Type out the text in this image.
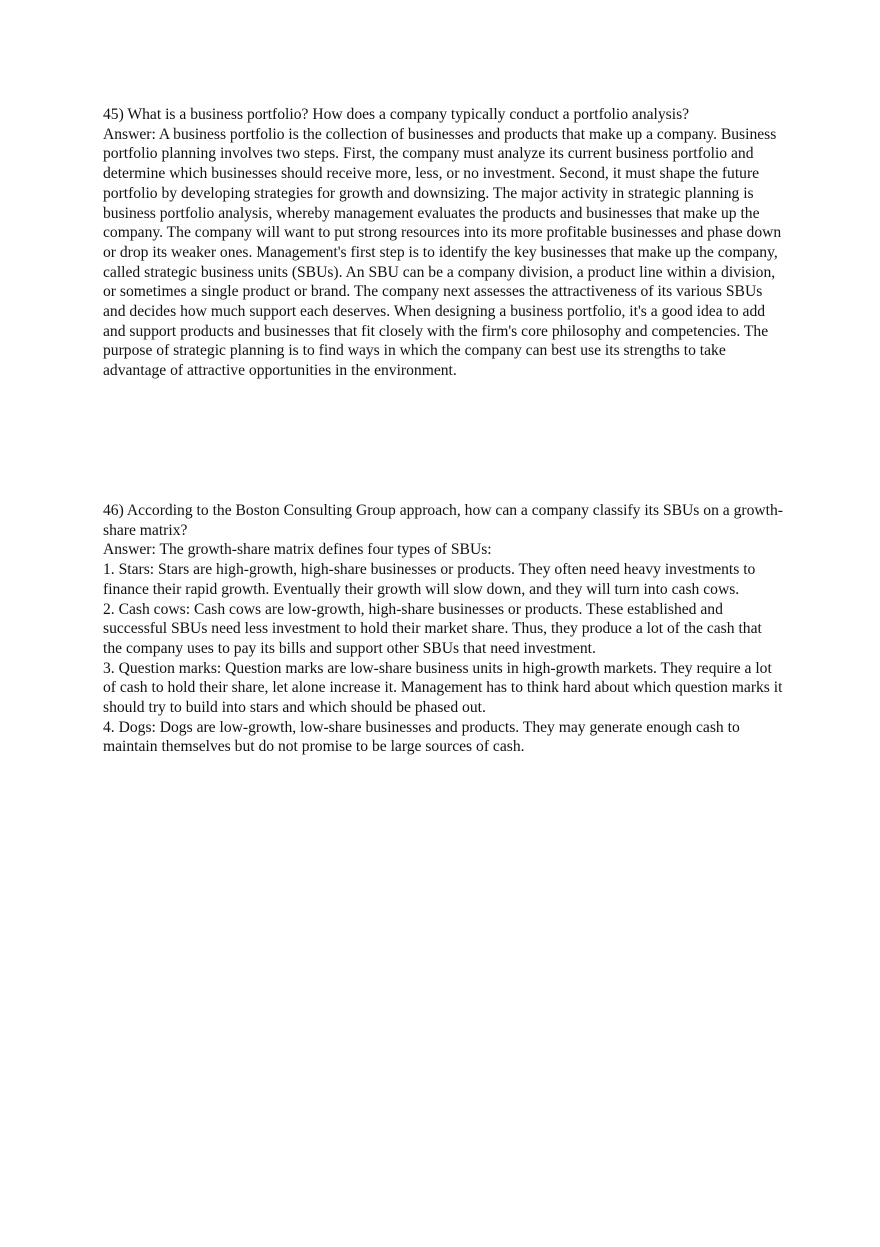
45) What is a business portfolio? How does a company typically conduct a portfolio analysis?

Answer: A business portfolio is the collection of businesses and products that make up a company. Business portfolio planning involves two steps. First, the company must analyze its current business portfolio and determine which businesses should receive more, less, or no investment. Second, it must shape the future portfolio by developing strategies for growth and downsizing. The major activity in strategic planning is business portfolio analysis, whereby management evaluates the products and businesses that make up the company. The company will want to put strong resources into its more profitable businesses and phase down or drop its weaker ones. Management's first step is to identify the key businesses that make up the company, called strategic business units (SBUs). An SBU can be a company division, a product line within a division, or sometimes a single product or brand. The company next assesses the attractiveness of its various SBUs and decides how much support each deserves. When designing a business portfolio, it's a good idea to add and support products and businesses that fit closely with the firm's core philosophy and competencies. The purpose of strategic planning is to find ways in which the company can best use its strengths to take advantage of attractive opportunities in the environment.

46) According to the Boston Consulting Group approach, how can a company classify its SBUs on a growth-share matrix?

Answer: The growth-share matrix defines four types of SBUs:

1. Stars: Stars are high-growth, high-share businesses or products. They often need heavy investments to finance their rapid growth. Eventually their growth will slow down, and they will turn into cash cows.

2. Cash cows: Cash cows are low-growth, high-share businesses or products. These established and successful SBUs need less investment to hold their market share. Thus, they produce a lot of the cash that the company uses to pay its bills and support other SBUs that need investment.

3. Question marks: Question marks are low-share business units in high-growth markets. They require a lot of cash to hold their share, let alone increase it. Management has to think hard about which question marks it should try to build into stars and which should be phased out.

4. Dogs: Dogs are low-growth, low-share businesses and products. They may generate enough cash to maintain themselves but do not promise to be large sources of cash.
